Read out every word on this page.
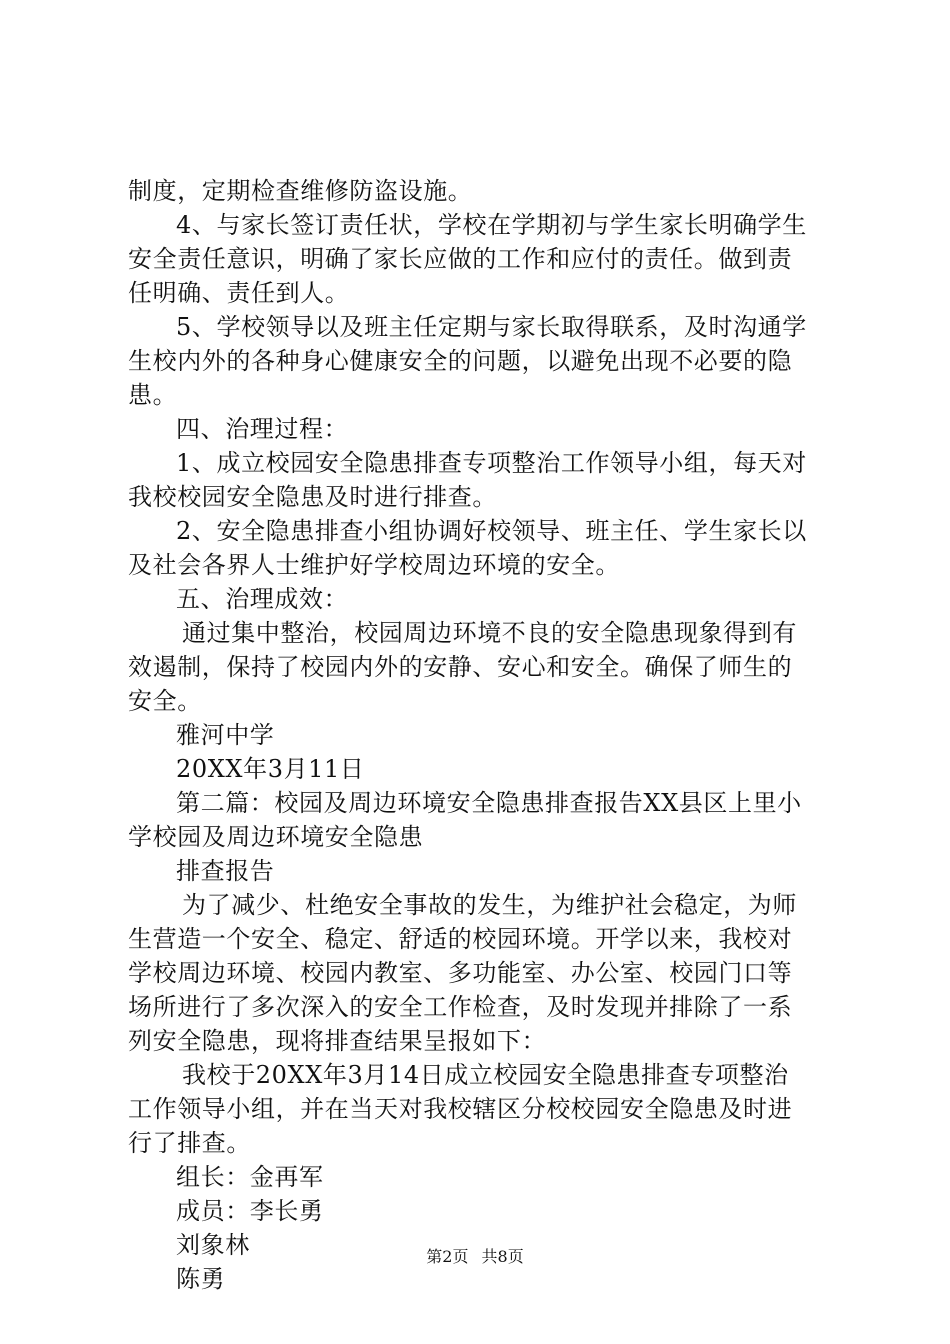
制度，定期检查维修防盗设施。
4、与家长签订责任状，学校在学期初与学生家长明确学生
安全责任意识，明确了家长应做的工作和应付的责任。做到责
任明确、责任到人。
5、学校领导以及班主任定期与家长取得联系，及时沟通学
生校内外的各种身心健康安全的问题，以避免出现不必要的隐
患。
四、治理过程：
1、成立校园安全隐患排查专项整治工作领导小组，每天对
我校校园安全隐患及时进行排查。
2、安全隐患排查小组协调好校领导、班主任、学生家长以
及社会各界人士维护好学校周边环境的安全。
五、治理成效：
通过集中整治，校园周边环境不良的安全隐患现象得到有
效遏制，保持了校园内外的安静、安心和安全。确保了师生的
安全。
雅河中学
20XX年3月11日
第二篇：校园及周边环境安全隐患排查报告XX县区上里小
学校园及周边环境安全隐患
排查报告
为了减少、杜绝安全事故的发生，为维护社会稳定，为师
生营造一个安全、稳定、舒适的校园环境。开学以来，我校对
学校周边环境、校园内教室、多功能室、办公室、校园门口等
场所进行了多次深入的安全工作检查，及时发现并排除了一系
列安全隐患，现将排查结果呈报如下：
我校于20XX年3月14日成立校园安全隐患排查专项整治
工作领导小组，并在当天对我校辖区分校校园安全隐患及时进
行了排查。
组长：金再军
成员：李长勇
刘象林
陈勇
第2页 共8页
